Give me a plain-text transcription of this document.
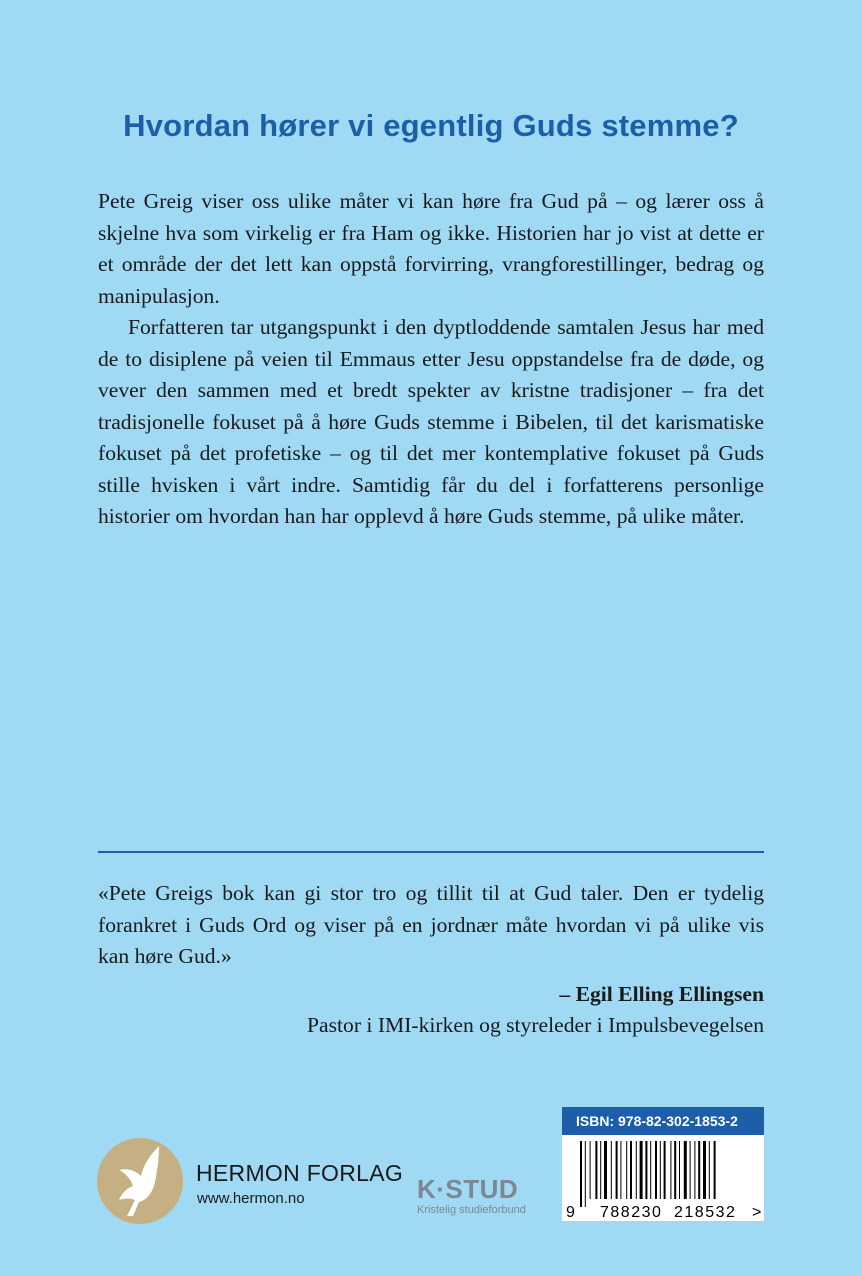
Hvordan hører vi egentlig Guds stemme?

Pete Greig viser oss ulike måter vi kan høre fra Gud på – og lærer oss å skjelne hva som virkelig er fra Ham og ikke. Historien har jo vist at dette er et område der det lett kan oppstå forvirring, vrangforestillinger, bedrag og manipulasjon.

Forfatteren tar utgangspunkt i den dyptloddende samtalen Jesus har med de to disiplene på veien til Emmaus etter Jesu oppstandelse fra de døde, og vever den sammen med et bredt spekter av kristne tradisjoner – fra det tradisjonelle fokuset på å høre Guds stemme i Bibelen, til det karismatiske fokuset på det profetiske – og til det mer kontemplative fokuset på Guds stille hvisken i vårt indre. Samtidig får du del i forfatterens personlige historier om hvordan han har opplevd å høre Guds stemme, på ulike måter.

«Pete Greigs bok kan gi stor tro og tillit til at Gud taler. Den er tydelig forankret i Guds Ord og viser på en jordnær måte hvordan vi på ulike vis kan høre Gud.»

– Egil Elling Ellingsen
Pastor i IMI-kirken og styreleder i Impulsbevegelsen
HERMON FORLAG
www.hermon.no	K·STUD
Kristelig studieforbund
ISBN: 978-82-302-1853-2
9 788230 218532 >
